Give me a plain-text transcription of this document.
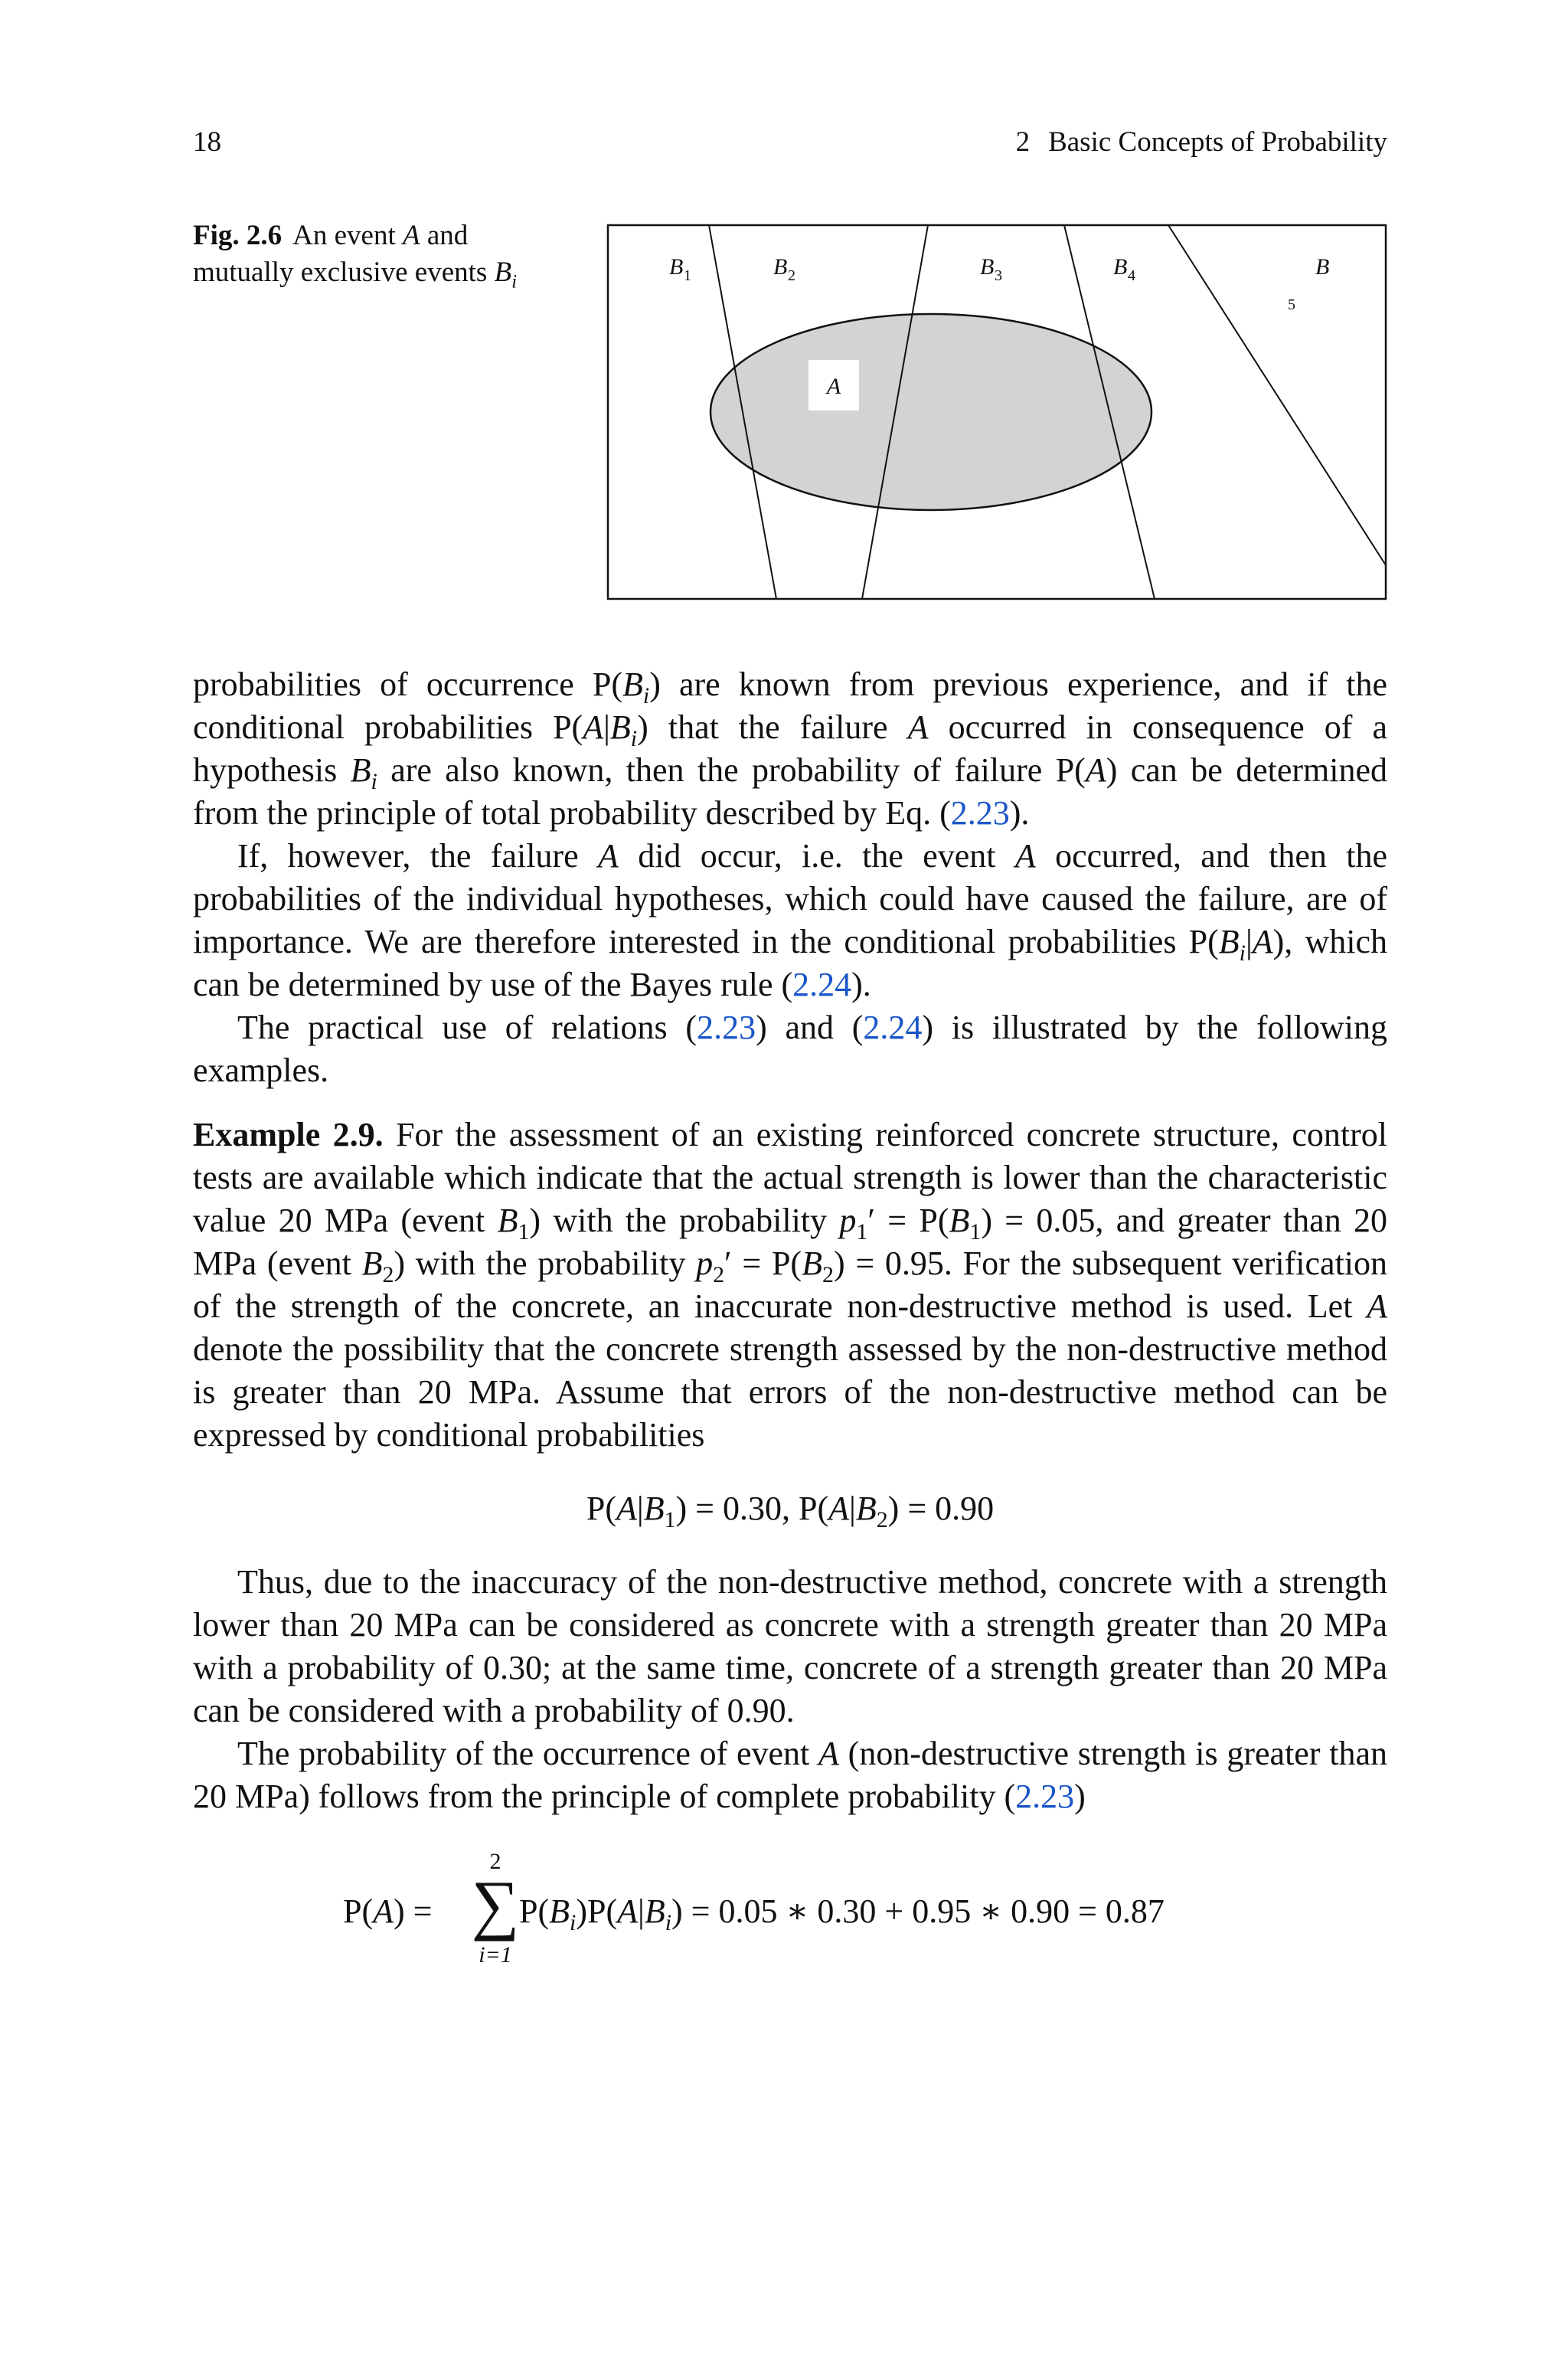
18	2 Basic Concepts of Probability
Fig. 2.6 An event A and mutually exclusive events $B_i$
A
B 1	B 2	B 3	B 4	B
5

probabilities of occurrence $P(B_i)$ are known from previous experience, and if the conditional probabilities $P(A|B_i)$ that the failure A occurred in consequence of a hypothesis $B_i$ are also known, then the probability of failure P(A) can be determined from the principle of total probability described by Eq. (2.23).

If, however, the failure A did occur, i.e. the event A occurred, and then the probabilities of the individual hypotheses, which could have caused the failure, are of importance. We are therefore interested in the conditional probabilities $P(B_i|A)$, which can be determined by use of the Bayes rule (2.24).

The practical use of relations (2.23) and (2.24) is illustrated by the following examples.

Example 2.9. For the assessment of an existing reinforced concrete structure, control tests are available which indicate that the actual strength is lower than the characteristic value 20 MPa (event $B_1$) with the probability $p_1' = P(B_1) = 0.05$, and greater than 20 MPa (event $B_2$) with the probability $p_2' = P(B_2) = 0.95$. For the subsequent verification of the strength of the concrete, an inaccurate non-destructive method is used. Let A denote the possibility that the concrete strength assessed by the non-destructive method is greater than 20 MPa. Assume that errors of the non-destructive method can be expressed by conditional probabilities

$P(A|B_1) = 0.30$, $P(A|B_2) = 0.90$

Thus, due to the inaccuracy of the non-destructive method, concrete with a strength lower than 20 MPa can be considered as concrete with a strength greater than 20 MPa with a probability of 0.30; at the same time, concrete of a strength greater than 20 MPa can be considered with a probability of 0.90.

The probability of the occurrence of event A (non-destructive strength is greater than 20 MPa) follows from the principle of complete probability (2.23)

P(A) =
2
∑
i=1
$P(B_i)P(A|B_i) = 0.05$ ∗ 0.30 + 0.95 ∗ 0.90 = 0.87
